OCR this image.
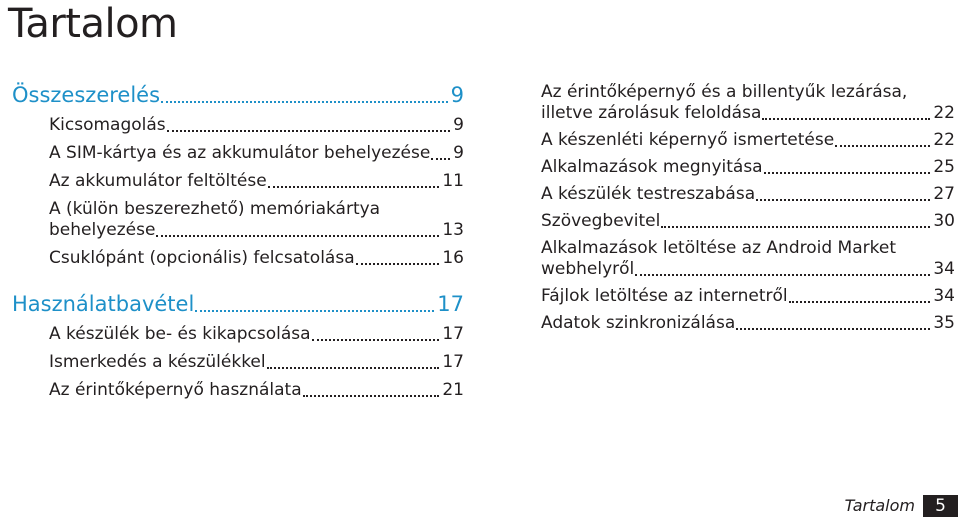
Tartalom
Összeszerelés	9
Kicsomagolás	9
A SIM-kártya és az akkumulátor behelyezése 9
Az akkumulátor feltöltése	11
A (külön beszerezhető) memóriakártya
behelyezése	13
Csuklópánt (opcionális) felcsatolása	16
Használatbavétel	17
A készülék be- és kikapcsolása	17
Ismerkedés a készülékkel	17
Az érintőképernyő használata	21
Az érintőképernyő és a billentyűk lezárása,
illetve zárolásuk feloldása	22
A készenléti képernyő ismertetése	22
Alkalmazások megnyitása	25
A készülék testreszabása	27
Szövegbevitel	30
Alkalmazások letöltése az Android Market
webhelyről	34
Fájlok letöltése az internetről	34
Adatok szinkronizálása	35
Tartalom	5
